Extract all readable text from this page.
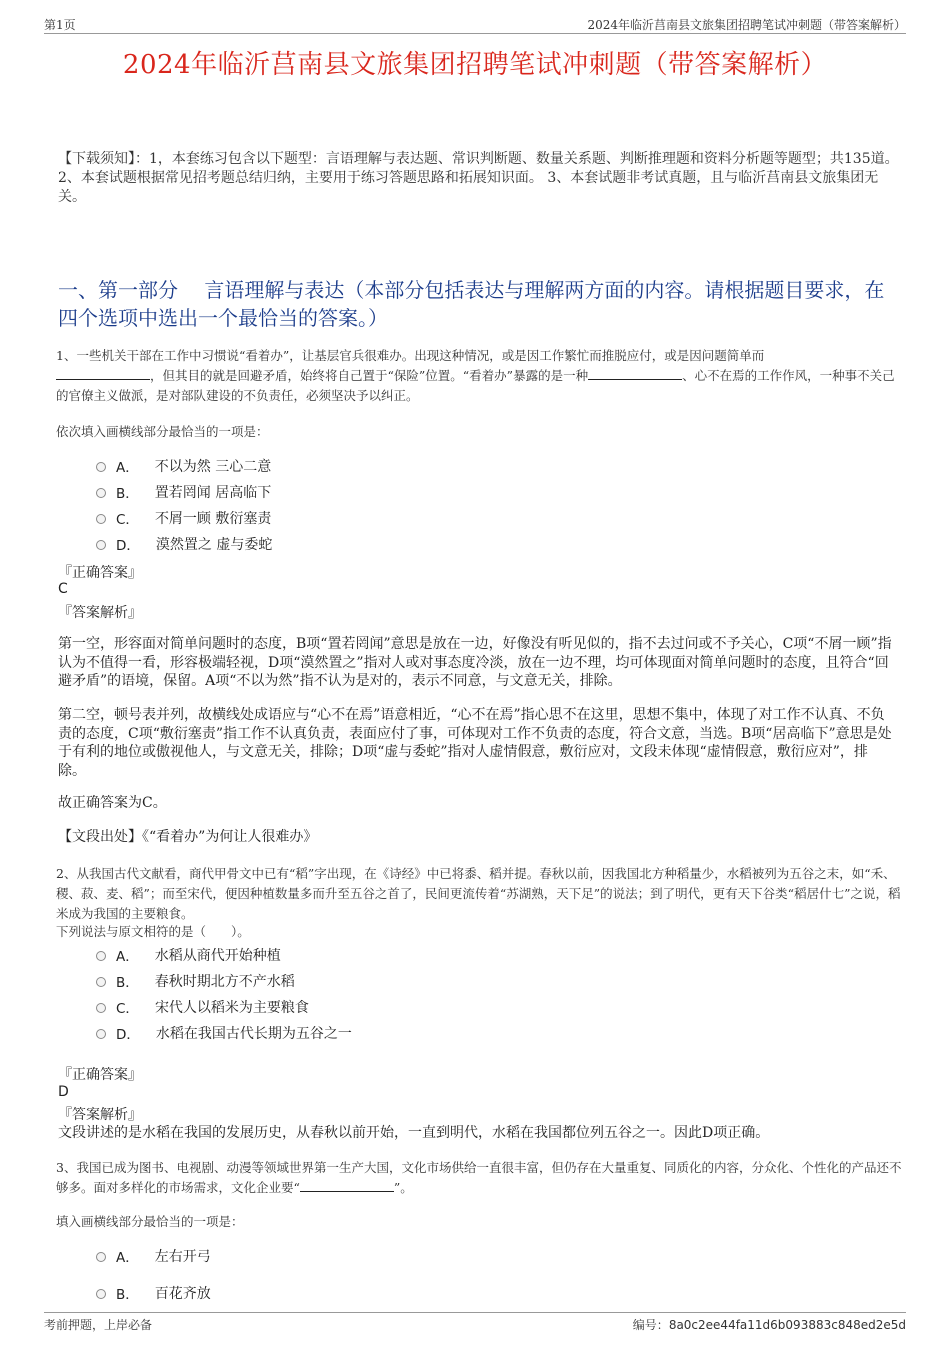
第1页	2024年临沂莒南县文旅集团招聘笔试冲刺题（带答案解析）
2024年临沂莒南县文旅集团招聘笔试冲刺题（带答案解析）
【下载须知】：1，本套练习包含以下题型：言语理解与表达题、常识判断题、数量关系题、判断推理题和资料分析题等题型；共135道。 2、本套试题根据常见招考题总结归纳，主要用于练习答题思路和拓展知识面。 3、本套试题非考试真题，且与临沂莒南县文旅集团无关。
一、第一部分　 言语理解与表达（本部分包括表达与理解两方面的内容。请根据题目要求，在四个选项中选出一个最恰当的答案。）
1、一些机关干部在工作中习惯说“看着办”，让基层官兵很难办。出现这种情况，或是因工作繁忙而推脱应付，或是因问题简单而
，但其目的就是回避矛盾，始终将自己置于“保险”位置。“看着办”暴露的是一种	、心不在焉的工作作风，一种事不关己的官僚主义做派，是对部队建设的不负责任，必须坚决予以纠正。
依次填入画横线部分最恰当的一项是：
A． 不以为然 三心二意
B． 置若罔闻 居高临下
C． 不屑一顾 敷衍塞责
D． 漠然置之 虚与委蛇
『正确答案』
C
『答案解析』
第一空，形容面对简单问题时的态度，B项“置若罔闻”意思是放在一边，好像没有听见似的，指不去过问或不予关心，C项“不屑一顾”指认为不值得一看，形容极端轻视，D项“漠然置之”指对人或对事态度冷淡，放在一边不理，均可体现面对简单问题时的态度，且符合“回避矛盾”的语境，保留。A项“不以为然”指不认为是对的，表示不同意，与文意无关，排除。
第二空，顿号表并列，故横线处成语应与“心不在焉”语意相近，“心不在焉”指心思不在这里，思想不集中，体现了对工作不认真、不负责的态度，C项“敷衍塞责”指工作不认真负责，表面应付了事，可体现对工作不负责的态度，符合文意，当选。B项“居高临下”意思是处于有利的地位或傲视他人，与文意无关，排除；D项“虚与委蛇”指对人虚情假意，敷衍应对，文段未体现“虚情假意，敷衍应对”，排除。
故正确答案为C。
【文段出处】《“看着办”为何让人很难办》
2、从我国古代文献看，商代甲骨文中已有“稻”字出现，在《诗经》中已将黍、稻并提。春秋以前，因我国北方种稻量少，水稻被列为五谷之末，如“禾、稷、菽、麦、稻”；而至宋代，便因种植数量多而升至五谷之首了，民间更流传着“苏湖熟，天下足”的说法；到了明代，更有天下谷类“稻居什七”之说，稻米成为我国的主要粮食。
下列说法与原文相符的是（　　）。
A． 水稻从商代开始种植
B． 春秋时期北方不产水稻
C． 宋代人以稻米为主要粮食
D． 水稻在我国古代长期为五谷之一
『正确答案』
D
『答案解析』
文段讲述的是水稻在我国的发展历史，从春秋以前开始，一直到明代，水稻在我国都位列五谷之一。因此D项正确。
3、我国已成为图书、电视剧、动漫等领域世界第一生产大国，文化市场供给一直很丰富，但仍存在大量重复、同质化的内容，分众化、个性化的产品还不够多。面对多样化的市场需求，文化企业要“	”。
填入画横线部分最恰当的一项是：
A． 左右开弓
B． 百花齐放
考前押题，上岸必备	编号：8a0c2ee44fa11d6b093883c848ed2e5d
